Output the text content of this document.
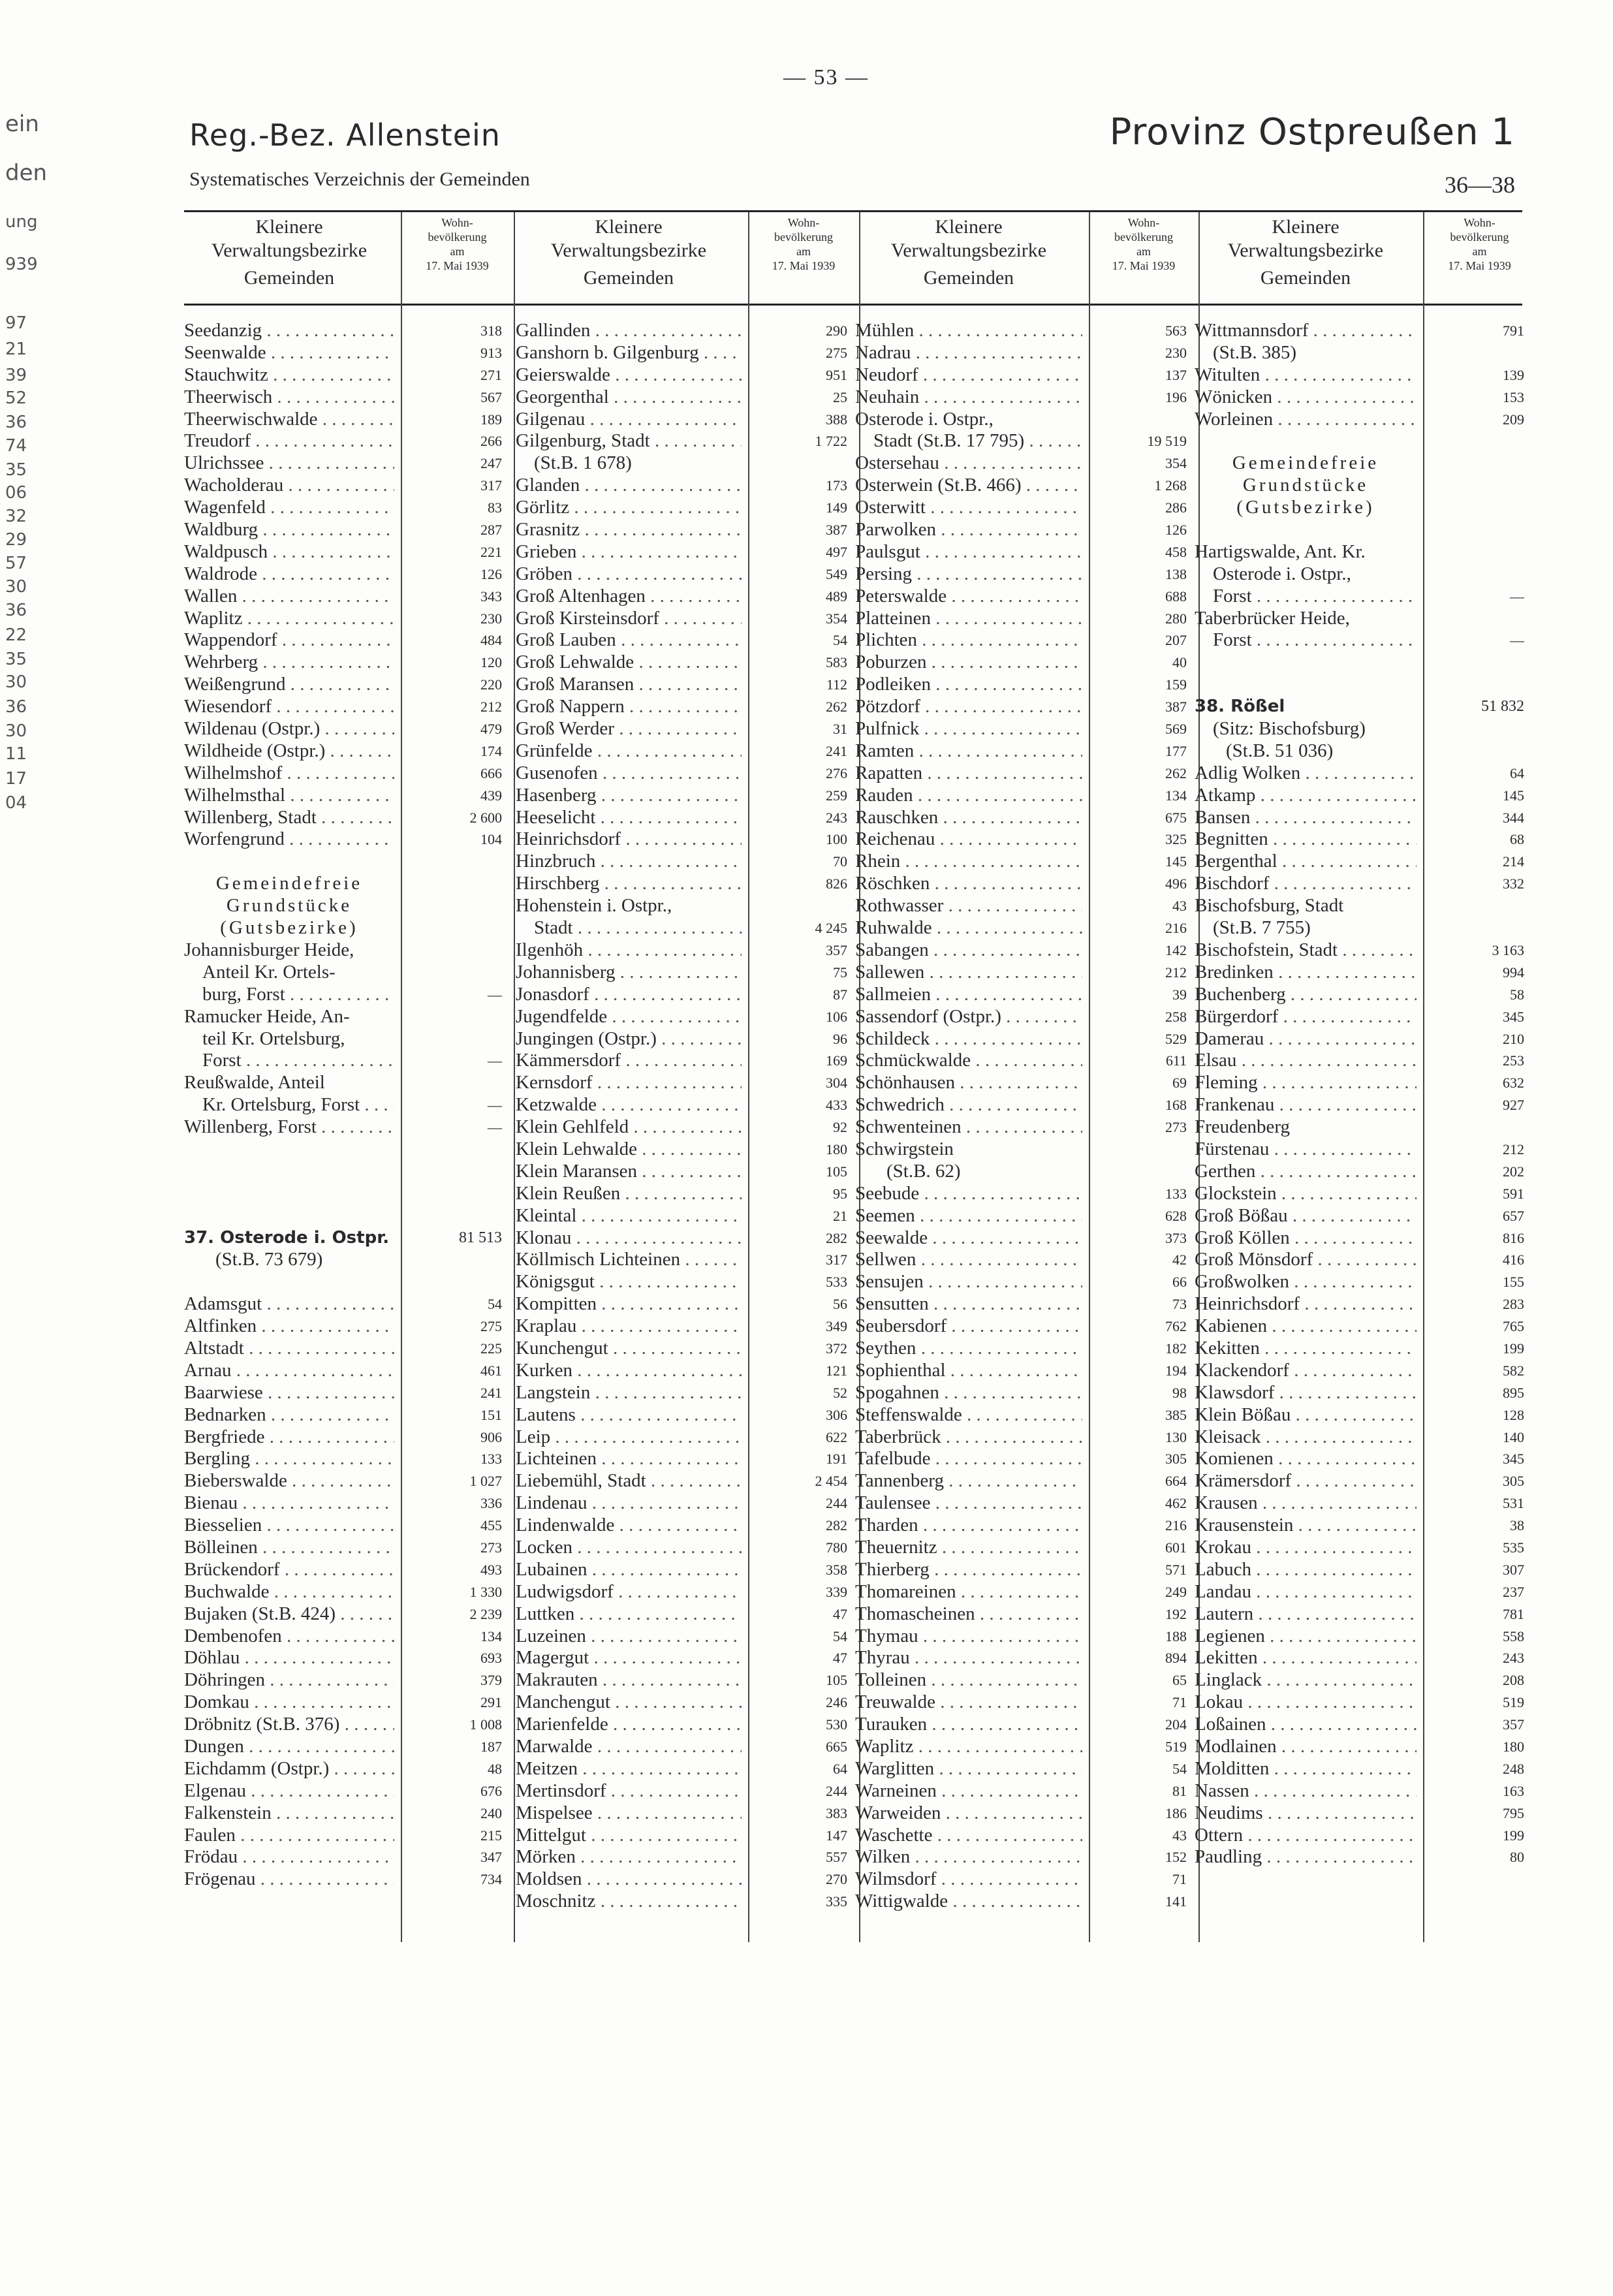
— 53 —
Reg.-Bez. Allenstein
Systematisches Verzeichnis der Gemeinden
Provinz Ostpreußen 1
36—38
ein
den
ung
939
97
21
39
52
36
74
35
06
32
29
57
30
36
22
35
30
36
30
11
17
04
Kleinere
Verwaltungsbezirke
Gemeinden
Wohn-
bevölkerung
am
17. Mai 1939
Kleinere
Verwaltungsbezirke
Gemeinden
Wohn-
bevölkerung
am
17. Mai 1939
Kleinere
Verwaltungsbezirke
Gemeinden
Wohn-
bevölkerung
am
17. Mai 1939
Kleinere
Verwaltungsbezirke
Gemeinden
Wohn-
bevölkerung
am
17. Mai 1939
Seedanzig . . .	318
Seenwalde . . .	913
Stauchwitz . . .	271
Theerwisch . . .	567
Theerwischwalde . . .	189
Treudorf . . .	266
Ulrichssee . . .	247
Wacholderau . . .	317
Wagenfeld . . .	83
Waldburg . . .	287
Waldpusch . . .	221
Waldrode . . .	126
Wallen . . .	343
Waplitz . . .	230
Wappendorf . . .	484
Wehrberg . . .	120
Weißengrund . . .	220
Wiesendorf . . .	212
Wildenau (Ostpr.) . . .	479
Wildheide (Ostpr.) . . .	174
Wilhelmshof . . .	666
Wilhelmsthal . . .	439
Willenberg, Stadt . . .	2 600
Worfengrund . . .	104
Gemeindefreie
Grundstücke
(Gutsbezirke)
Johannisburger Heide,
Anteil Kr. Ortels-
burg, Forst . . .	—
Ramucker Heide, An-
teil Kr. Ortelsburg,
Forst . . .	—
Reußwalde, Anteil
Kr. Ortelsburg, Forst . . .	—
Willenberg, Forst . . .	—
37. Osterode i. Ostpr.	81 513
(St.B. 73 679)
Adamsgut . . .	54
Altfinken . . .	275
Altstadt . . .	225
Arnau . . .	461
Baarwiese . . .	241
Bednarken . . .	151
Bergfriede . . .	906
Bergling . . .	133
Bieberswalde . . .	1 027
Bienau . . .	336
Biesselien . . .	455
Bölleinen . . .	273
Brückendorf . . .	493
Buchwalde . . .	1 330
Bujaken (St.B. 424) . . .	2 239
Dembenofen . . .	134
Döhlau . . .	693
Döhringen . . .	379
Domkau . . .	291
Dröbnitz (St.B. 376) . . .	1 008
Dungen . . .	187
Eichdamm (Ostpr.) . . .	48
Elgenau . . .	676
Falkenstein . . .	240
Faulen . . .	215
Frödau . . .	347
Frögenau . . .	734
Gallinden . . .	290
Ganshorn b. Gilgenburg . . .	275
Geierswalde . . .	951
Georgenthal . . .	25
Gilgenau . . .	388
Gilgenburg, Stadt . . .	1 722
(St.B. 1 678)
Glanden . . .	173
Görlitz . . .	149
Grasnitz . . .	387
Grieben . . .	497
Gröben . . .	549
Groß Altenhagen . . .	489
Groß Kirsteinsdorf . . .	354
Groß Lauben . . .	54
Groß Lehwalde . . .	583
Groß Maransen . . .	112
Groß Nappern . . .	262
Groß Werder . . .	31
Grünfelde . . .	241
Gusenofen . . .	276
Hasenberg . . .	259
Heeselicht . . .	243
Heinrichsdorf . . .	100
Hinzbruch . . .	70
Hirschberg . . .	826
Hohenstein i. Ostpr.,
Stadt . . .	4 245
Ilgenhöh . . .	357
Johannisberg . . .	75
Jonasdorf . . .	87
Jugendfelde . . .	106
Jungingen (Ostpr.) . . .	96
Kämmersdorf . . .	169
Kernsdorf . . .	304
Ketzwalde . . .	433
Klein Gehlfeld . . .	92
Klein Lehwalde . . .	180
Klein Maransen . . .	105
Klein Reußen . . .	95
Kleintal . . .	21
Klonau . . .	282
Köllmisch Lichteinen . . .	317
Königsgut . . .	533
Kompitten . . .	56
Kraplau . . .	349
Kunchengut . . .	372
Kurken . . .	121
Langstein . . .	52
Lautens . . .	306
Leip . . .	622
Lichteinen . . .	191
Liebemühl, Stadt . . .	2 454
Lindenau . . .	244
Lindenwalde . . .	282
Locken . . .	780
Lubainen . . .	358
Ludwigsdorf . . .	339
Luttken . . .	47
Luzeinen . . .	54
Magergut . . .	47
Makrauten . . .	105
Manchengut . . .	246
Marienfelde . . .	530
Marwalde . . .	665
Meitzen . . .	64
Mertinsdorf . . .	244
Mispelsee . . .	383
Mittelgut . . .	147
Mörken . . .	557
Moldsen . . .	270
Moschnitz . . .	335
Mühlen . . .	563
Nadrau . . .	230
Neudorf . . .	137
Neuhain . . .	196
Osterode i. Ostpr.,
Stadt (St.B. 17 795) . . .	19 519
Ostersehau . . .	354
Osterwein (St.B. 466) . . .	1 268
Osterwitt . . .	286
Parwolken . . .	126
Paulsgut . . .	458
Persing . . .	138
Peterswalde . . .	688
Platteinen . . .	280
Plichten . . .	207
Poburzen . . .	40
Podleiken . . .	159
Pötzdorf . . .	387
Pulfnick . . .	569
Ramten . . .	177
Rapatten . . .	262
Rauden . . .	134
Rauschken . . .	675
Reichenau . . .	325
Rhein . . .	145
Röschken . . .	496
Rothwasser . . .	43
Ruhwalde . . .	216
Sabangen . . .	142
Sallewen . . .	212
Sallmeien . . .	39
Sassendorf (Ostpr.) . . .	258
Schildeck . . .	529
Schmückwalde . . .	611
Schönhausen . . .	69
Schwedrich . . .	168
Schwenteinen . . .	273
Schwirgstein
(St.B. 62)
Seebude . . .	133
Seemen . . .	628
Seewalde . . .	373
Sellwen . . .	42
Sensujen . . .	66
Sensutten . . .	73
Seubersdorf . . .	762
Seythen . . .	182
Sophienthal . . .	194
Spogahnen . . .	98
Steffenswalde . . .	385
Taberbrück . . .	130
Tafelbude . . .	305
Tannenberg . . .	664
Taulensee . . .	462
Tharden . . .	216
Theuernitz . . .	601
Thierberg . . .	571
Thomareinen . . .	249
Thomascheinen . . .	192
Thymau . . .	188
Thyrau . . .	894
Tolleinen . . .	65
Treuwalde . . .	71
Turauken . . .	204
Waplitz . . .	519
Warglitten . . .	54
Warneinen . . .	81
Warweiden . . .	186
Waschette . . .	43
Wilken . . .	152
Wilmsdorf . . .	71
Wittigwalde . . .	141
Wittmannsdorf . . .	791
(St.B. 385)
Witulten . . .	139
Wönicken . . .	153
Worleinen . . .	209
Gemeindefreie
Grundstücke
(Gutsbezirke)
Hartigswalde, Ant. Kr.
Osterode i. Ostpr.,
Forst . . .	—
Taberbrücker Heide,
Forst . . .	—
38. Rößel	51 832
(Sitz: Bischofsburg)
(St.B. 51 036)
Adlig Wolken . . .	64
Atkamp . . .	145
Bansen . . .	344
Begnitten . . .	68
Bergenthal . . .	214
Bischdorf . . .	332
Bischofsburg, Stadt
(St.B. 7 755)
Bischofstein, Stadt . . .	3 163
Bredinken . . .	994
Buchenberg . . .	58
Bürgerdorf . . .	345
Damerau . . .	210
Elsau . . .	253
Fleming . . .	632
Frankenau . . .	927
Freudenberg
Fürstenau . . .	212
Gerthen . . .	202
Glockstein . . .	591
Groß Bößau . . .	657
Groß Köllen . . .	816
Groß Mönsdorf . . .	416
Großwolken . . .	155
Heinrichsdorf . . .	283
Kabienen . . .	765
Kekitten . . .	199
Klackendorf . . .	582
Klawsdorf . . .	895
Klein Bößau . . .	128
Kleisack . . .	140
Komienen . . .	345
Krämersdorf . . .	305
Krausen . . .	531
Krausenstein . . .	38
Krokau . . .	535
Labuch . . .	307
Landau . . .	237
Lautern . . .	781
Legienen . . .	558
Lekitten . . .	243
Linglack . . .	208
Lokau . . .	519
Loßainen . . .	357
Modlainen . . .	180
Molditten . . .	248
Nassen . . .	163
Neudims . . .	795
Ottern . . .	199
Paudling . . .	80
